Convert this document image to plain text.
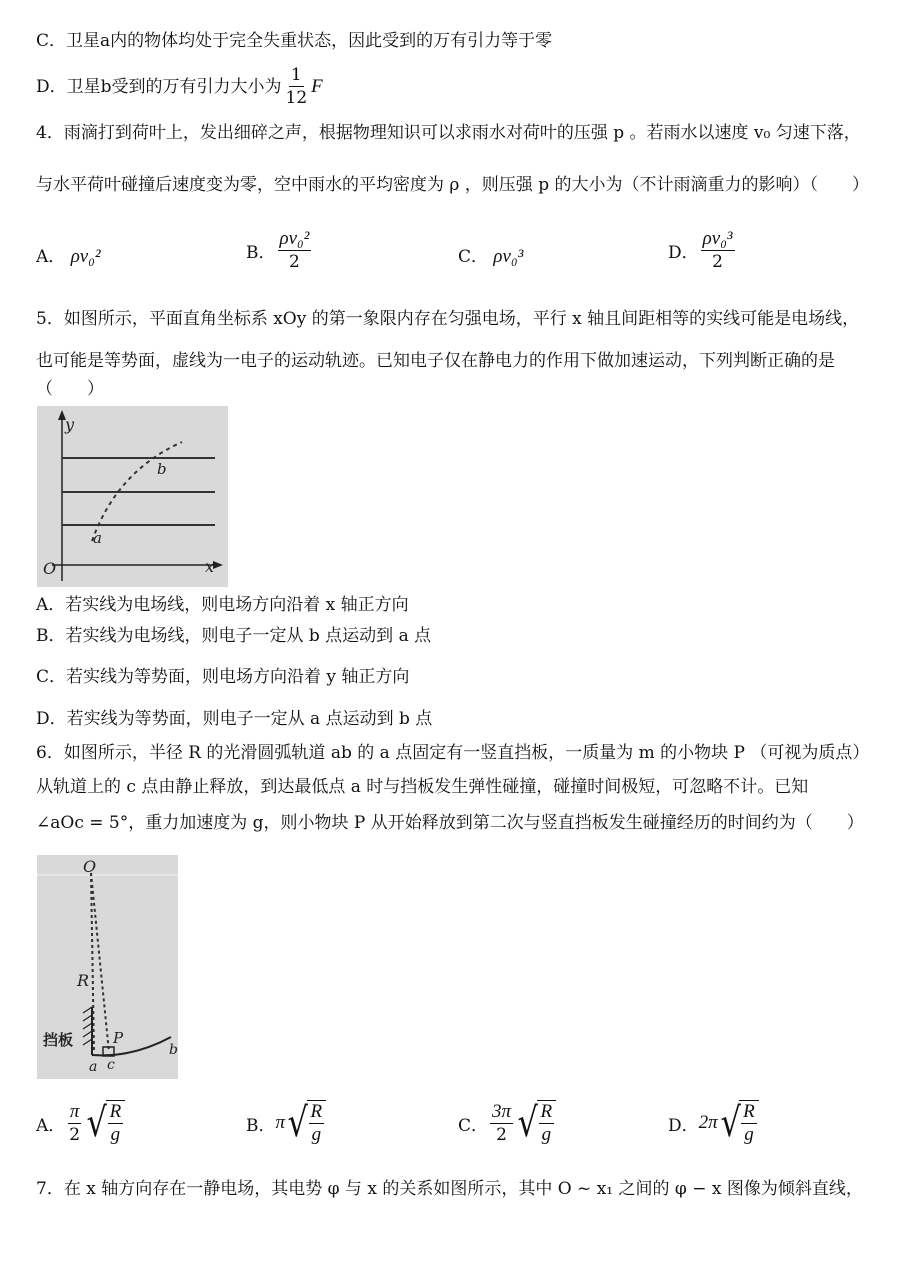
C．卫星a内的物体均处于完全失重状态，因此受到的万有引力等于零
D．卫星b受到的万有引力大小为 $\frac{1}{12}$ F
4．雨滴打到荷叶上，发出细碎之声，根据物理知识可以求雨水对荷叶的压强 p 。若雨水以速度 v₀ 匀速下落，
与水平荷叶碰撞后速度变为零，空中雨水的平均密度为 ρ ，则压强 p 的大小为（不计雨滴重力的影响）（　　）
A． ρv₀²	B． $\frac{\text{ρv₀²}}{2}$	C． ρv₀³	D． $\frac{\text{ρv₀³}}{2}$
5．如图所示，平面直角坐标系 xOy 的第一象限内存在匀强电场，平行 x 轴且间距相等的实线可能是电场线，
也可能是等势面，虚线为一电子的运动轨迹。已知电子仅在静电力的作用下做加速运动，下列判断正确的是
（　　）
y
x
O
a
b
A．若实线为电场线，则电场方向沿着 x 轴正方向
B．若实线为电场线，则电子一定从 b 点运动到 a 点
C．若实线为等势面，则电场方向沿着 y 轴正方向
D．若实线为等势面，则电子一定从 a 点运动到 b 点
6．如图所示，半径 R 的光滑圆弧轨道 ab 的 a 点固定有一竖直挡板，一质量为 m 的小物块 P （可视为质点）
从轨道上的 c 点由静止释放，到达最低点 a 时与挡板发生弹性碰撞，碰撞时间极短，可忽略不计。已知
∠aOc = 5°，重力加速度为 g，则小物块 P 从开始释放到第二次与竖直挡板发生碰撞经历的时间约为（　　）
O
R
挡板	P
a c
b
A． $\frac{\pi}{2}$ √ $\frac{R}{g}$	B． π √ $\frac{R}{g}$	C． $\frac{3\pi}{2}$ √ $\frac{R}{g}$	D． 2π √ $\frac{R}{g}$
7．在 x 轴方向存在一静电场，其电势 φ 与 x 的关系如图所示，其中 O ~ x₁ 之间的 φ − x 图像为倾斜直线，
